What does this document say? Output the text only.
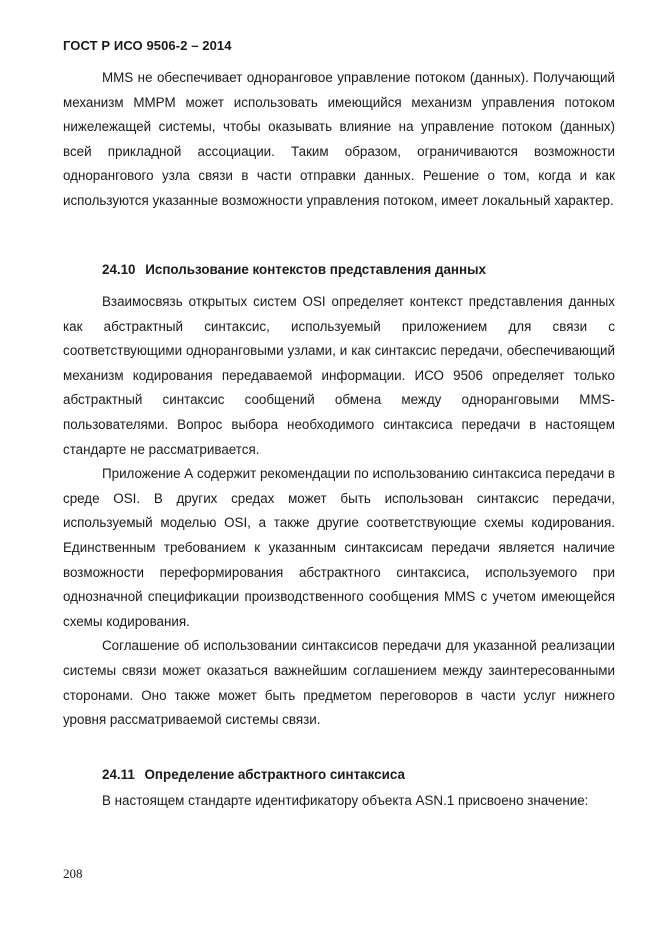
ГОСТ Р ИСО 9506-2 – 2014

MMS не обеспечивает одноранговое управление потоком (данных). Получающий механизм MMPM может использовать имеющийся механизм управления потоком нижележащей системы, чтобы оказывать влияние на управление потоком (данных) всей прикладной ассоциации. Таким образом, ограничиваются возможности однорангового узла связи в части отправки данных. Решение о том, когда и как используются указанные возможности управления потоком, имеет локальный характер.

24.10 Использование контекстов представления данных

Взаимосвязь открытых систем OSI определяет контекст представления данных как абстрактный синтаксис, используемый приложением для связи с соответствующими одноранговыми узлами, и как синтаксис передачи, обеспечивающий механизм кодирования передаваемой информации. ИСО 9506 определяет только абстрактный синтаксис сообщений обмена между одноранговыми MMS-пользователями. Вопрос выбора необходимого синтаксиса передачи в настоящем стандарте не рассматривается.

Приложение А содержит рекомендации по использованию синтаксиса передачи в среде OSI. В других средах может быть использован синтаксис передачи, используемый моделью OSI, а также другие соответствующие схемы кодирования. Единственным требованием к указанным синтаксисам передачи является наличие возможности переформирования абстрактного синтаксиса, используемого при однозначной спецификации производственного сообщения MMS с учетом имеющейся схемы кодирования.

Соглашение об использовании синтаксисов передачи для указанной реализации системы связи может оказаться важнейшим соглашением между заинтересованными сторонами. Оно также может быть предметом переговоров в части услуг нижнего уровня рассматриваемой системы связи.

24.11 Определение абстрактного синтаксиса

В настоящем стандарте идентификатору объекта ASN.1 присвоено значение:

208
